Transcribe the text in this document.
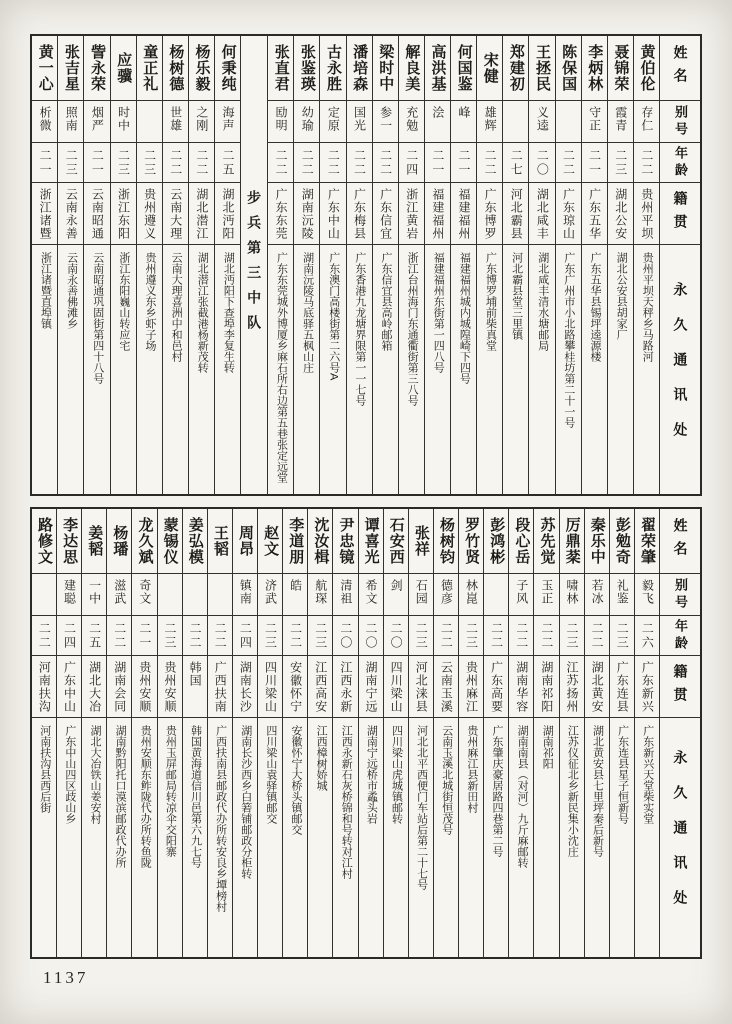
姓名
别号
年龄
籍贯
永久通讯处
黄伯伦
存仁
二二
贵州平坝
贵州平坝天秤乡马路河
聂锦荣
霞青
二三
湖北公安
湖北公安县胡家厂
李炳林
守正
二一
广东五华
广东五华县锡坪逵源楼
陈保国
二二
广东琼山
广东广州市小北路攀桂坊第二十一号
王拯民
义逵
二〇
湖北咸丰
湖北咸丰清水塘邮局
郑建初
二七
河北霸县
河北霸县堂三里镇
宋健
雄辉
二二
广东博罗
广东博罗埔前柴真堂
何国鉴
峰
二一
福建福州
福建福州城内城隍崎下四号
高洪基
浍
二一
福建福州
福建福州东街第一四八号
解良美
充勉
二四
浙江黄岩
浙江台州海门东通衢街第三八号
梁时中
参一
二二
广东信宜
广东信宜县高岭邮箱
潘培森
国光
二二
广东梅县
广东香港九龙塘界限第一一七号
古永胜
定原
二二
广东中山
广东澳门高楼街第二六号A
张鉴瑛
幼瑜
二二
湖南沅陵
湖南沅陵马底驿五枫山庄
张直君
劻明
二二
广东东莞
广东东莞城外博厦乡麻石所右边第五巷张定远堂
步兵第三中队
何秉纯
海声
二五
湖北沔阳
湖北沔阳下查埠李复生转
杨乐毅
之刚
二二
湖北潜江
湖北潜江张截港杨新茂转
杨树德
世雄
二二
云南大理
云南大理喜洲中和邑村
童正礼
二三
贵州遵义
贵州遵义东乡虾子场
应骥
时中
二三
浙江东阳
浙江东阳巍山转应宅
訾永荣
烟严
二一
云南昭通
云南昭通巩固街第四十八号
张吉星
照南
二三
云南永善
云南永善佛滩乡
黄一心
析微
二一
浙江诸暨
浙江诸暨直埠镇
姓名
别号
年龄
籍贯
永久通讯处
翟荣肇
毅飞
二六
广东新兴
广东新兴天堂柴实堂
彭勉奇
礼鉴
二三
广东连县
广东连县星子恒新号
秦乐中
若冰
二二
湖北黄安
湖北黄安县七里坪秦后新号
厉鼎棻
啸林
二三
江苏扬州
江苏仪征北乡新民集小沈庄
苏先觉
玉正
二二
湖南祁阳
湖南祁阳
段心岳
子风
二二
湖南华容
湖南南县（对河）九斤麻邮转
彭鸿彬
二二
广东高要
广东肇庆豪居路四巷第二号
罗竹贤
林崑
二三
贵州麻江
贵州麻江县新田村
杨树钧
德彦
二二
云南玉溪
云南玉溪北城街恒茂号
张祥
石园
二三
河北涞县
河北北平西便门车站后第二十七号
石安西
剑
二〇
四川梁山
四川梁山虎城镇邮转
谭喜光
希文
二〇
湖南宁远
湖南宁远桥市蟊头岩
尹忠镜
清祖
二〇
江西永新
江西永新石灰桥锦和号转对江村
沈汝楫
航琛
二三
江西高安
江西樟树娇城
李道朋
皓
二二
安徽怀宁
安徽怀宁大桥头镇邮交
赵文
济武
二三
四川梁山
四川梁山袁驿镇邮交
周昂
镇南
二四
湖南长沙
湖南长沙西乡白箬铺邮政分柜转
王韬
二二
广西扶南
广西扶南县邮政代办所转安良乡墰榜村
姜弘模
二二
韩国
韩国黄海道信川邑第六九七号
蒙锡仪
二三
贵州安顺
贵州玉屏邮局转凉伞交阳寨
龙久斌
奇文
二一
贵州安顺
贵州安顺东鲊陇代办所转鱼陇
杨璠
滋武
二二
湖南会同
湖南黔阳托口漠滨邮政代办所
姜韬
一中
二五
湖北大冶
湖北大冶铁山姜安村
李达思
建聪
二四
广东中山
广东中山四区歧山乡
路修文
二二
河南扶沟
河南扶沟县西后街
1137
